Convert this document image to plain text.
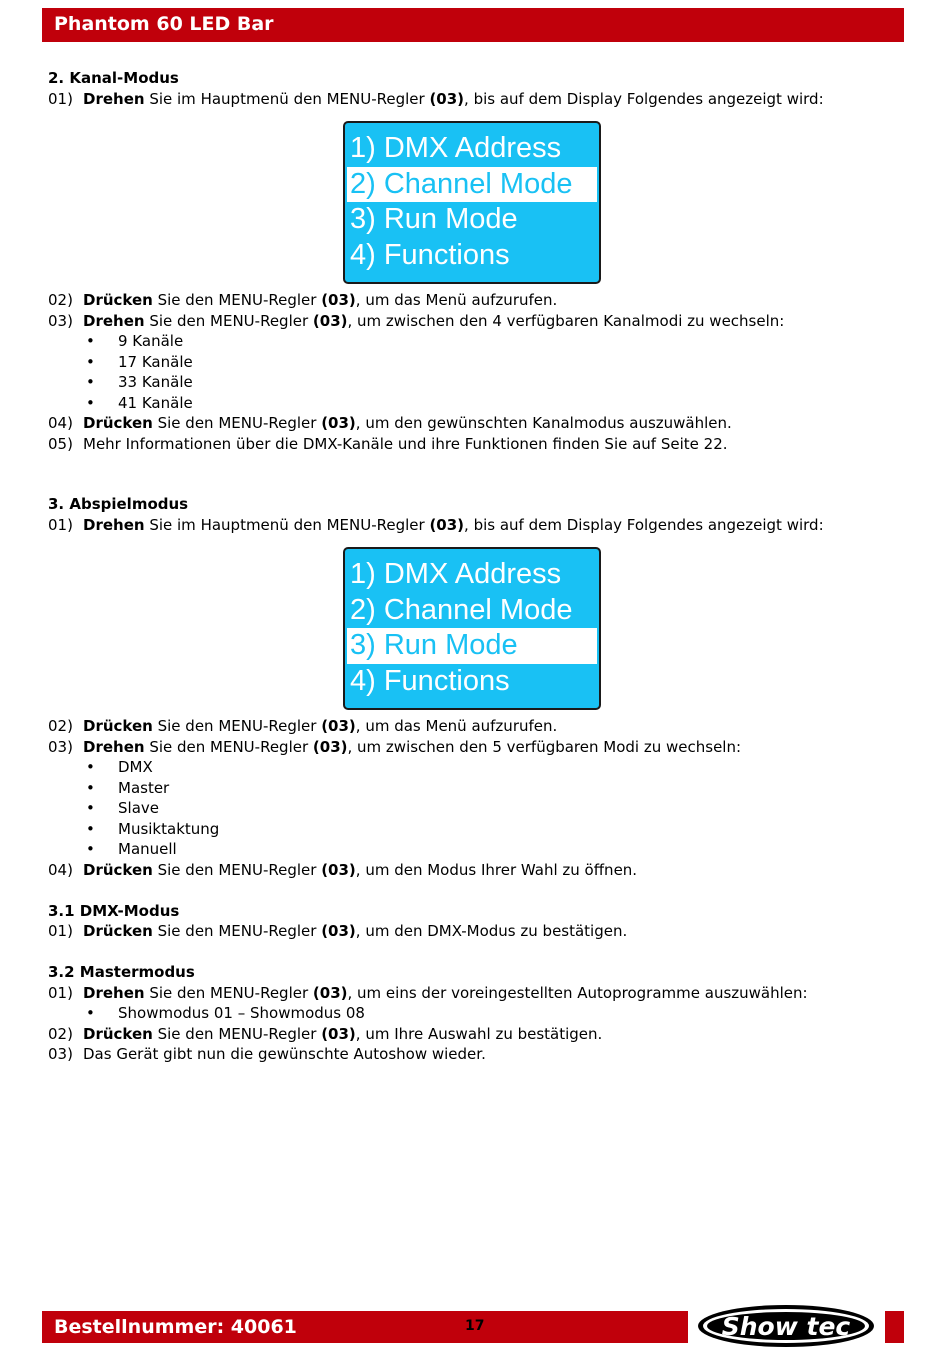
Phantom 60 LED Bar
2. Kanal-Modus
01) Drehen Sie im Hauptmenü den MENU-Regler (03), bis auf dem Display Folgendes angezeigt wird:
1) DMX Address
2) Channel Mode
3) Run Mode
4) Functions
02) Drücken Sie den MENU-Regler (03), um das Menü aufzurufen.
03) Drehen Sie den MENU-Regler (03), um zwischen den 4 verfügbaren Kanalmodi zu wechseln:
• 9 Kanäle
• 17 Kanäle
• 33 Kanäle
• 41 Kanäle
04) Drücken Sie den MENU-Regler (03), um den gewünschten Kanalmodus auszuwählen.
05) Mehr Informationen über die DMX-Kanäle und ihre Funktionen finden Sie auf Seite 22.
3. Abspielmodus
01) Drehen Sie im Hauptmenü den MENU-Regler (03), bis auf dem Display Folgendes angezeigt wird:
1) DMX Address
2) Channel Mode
3) Run Mode
4) Functions
02) Drücken Sie den MENU-Regler (03), um das Menü aufzurufen.
03) Drehen Sie den MENU-Regler (03), um zwischen den 5 verfügbaren Modi zu wechseln:
• DMX
• Master
• Slave
• Musiktaktung
• Manuell
04) Drücken Sie den MENU-Regler (03), um den Modus Ihrer Wahl zu öffnen.
3.1 DMX-Modus
01) Drücken Sie den MENU-Regler (03), um den DMX-Modus zu bestätigen.
3.2 Mastermodus
01) Drehen Sie den MENU-Regler (03), um eins der voreingestellten Autoprogramme auszuwählen:
• Showmodus 01 – Showmodus 08
02) Drücken Sie den MENU-Regler (03), um Ihre Auswahl zu bestätigen.
03) Das Gerät gibt nun die gewünschte Autoshow wieder.
Bestellnummer: 40061	17	Show tec
